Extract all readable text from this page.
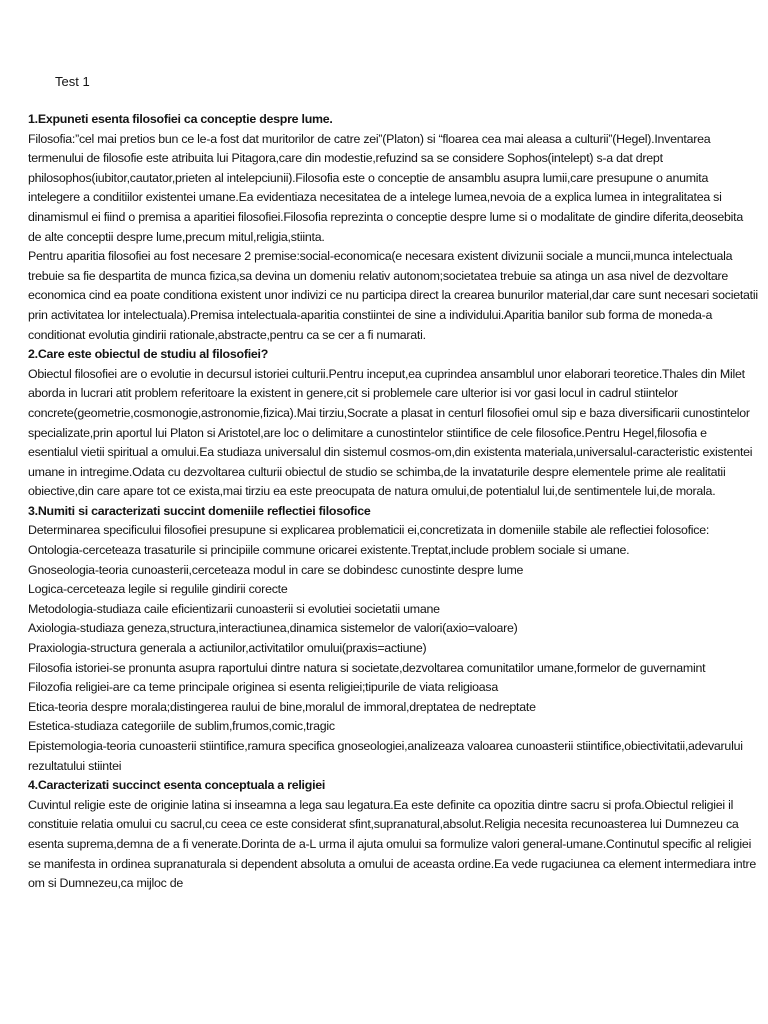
Test 1

1.Expuneti esenta filosofiei ca conceptie despre lume.

Filosofia:”cel mai pretios bun ce le-a fost dat muritorilor de catre zei”(Platon) si “floarea cea mai aleasa a culturii”(Hegel).Inventarea termenului de filosofie este atribuita lui Pitagora,care din modestie,refuzind sa se considere Sophos(intelept) s-a dat drept philosophos(iubitor,cautator,prieten al intelepciunii).Filosofia este o conceptie de ansamblu asupra lumii,care presupune o anumita intelegere a conditiilor existentei umane.Ea evidentiaza necesitatea de a intelege lumea,nevoia de a explica lumea in integralitatea si dinamismul ei fiind o premisa a aparitiei filosofiei.Filosofia reprezinta o conceptie despre lume si o modalitate de gindire diferita,deosebita de alte conceptii despre lume,precum mitul,religia,stiinta.

Pentru aparitia filosofiei au fost necesare 2 premise:social-economica(e necesara existent divizunii sociale a muncii,munca intelectuala trebuie sa fie despartita de munca fizica,sa devina un domeniu relativ autonom;societatea trebuie sa atinga un asa nivel de dezvoltare economica cind ea poate conditiona existent unor indivizi ce nu participa direct la crearea bunurilor material,dar care sunt necesari societatii prin activitatea lor intelectuala).Premisa intelectuala-aparitia constiintei de sine a individului.Aparitia banilor sub forma de moneda-a conditionat evolutia gindirii rationale,abstracte,pentru ca se cer a fi numarati.

2.Care este obiectul de studiu al filosofiei?

Obiectul filosofiei are o evolutie in decursul istoriei culturii.Pentru inceput,ea cuprindea ansamblul unor elaborari teoretice.Thales din Milet aborda in lucrari atit problem referitoare la existent in genere,cit si problemele care ulterior isi vor gasi locul in cadrul stiintelor concrete(geometrie,cosmonogie,astronomie,fizica).Mai tirziu,Socrate a plasat in centurl filosofiei omul sip e baza diversificarii cunostintelor specializate,prin aportul lui Platon si Aristotel,are loc o delimitare a cunostintelor stiintifice de cele filosofice.Pentru Hegel,filosofia e esentialul vietii spiritual a omului.Ea studiaza universalul din sistemul cosmos-om,din existenta materiala,universalul-caracteristic existentei umane in intregime.Odata cu dezvoltarea culturii obiectul de studio se schimba,de la invataturile despre elementele prime ale realitatii obiective,din care apare tot ce exista,mai tirziu ea este preocupata de natura omului,de potentialul lui,de sentimentele lui,de morala.

3.Numiti si caracterizati succint domeniile reflectiei filosofice

Determinarea specificului filosofiei presupune si explicarea problematicii ei,concretizata in domeniile stabile ale reflectiei folosofice:

Ontologia-cerceteaza trasaturile si principiile commune oricarei existente.Treptat,include problem sociale si umane.

Gnoseologia-teoria cunoasterii,cerceteaza modul in care se dobindesc cunostinte despre lume

Logica-cerceteaza legile si regulile gindirii corecte

Metodologia-studiaza caile eficientizarii cunoasterii si evolutiei societatii umane

Axiologia-studiaza geneza,structura,interactiunea,dinamica sistemelor de valori(axio=valoare)

Praxiologia-structura generala a actiunilor,activitatilor omului(praxis=actiune)

Filosofia istoriei-se pronunta asupra raportului dintre natura si societate,dezvoltarea comunitatilor umane,formelor de guvernamint

Filozofia religiei-are ca teme principale originea si esenta religiei;tipurile de viata religioasa

Etica-teoria despre morala;distingerea raului de bine,moralul de immoral,dreptatea de nedreptate

Estetica-studiaza categoriile de sublim,frumos,comic,tragic

Epistemologia-teoria cunoasterii stiintifice,ramura specifica gnoseologiei,analizeaza valoarea cunoasterii stiintifice,obiectivitatii,adevarului rezultatului stiintei

4.Caracterizati succinct esenta conceptuala a religiei

Cuvintul religie este de originie latina si inseamna a lega sau legatura.Ea este definite ca opozitia dintre sacru si profa.Obiectul religiei il constituie relatia omului cu sacrul,cu ceea ce este considerat sfint,supranatural,absolut.Religia necesita recunoasterea lui Dumnezeu ca esenta suprema,demna de a fi venerate.Dorinta de a-L urma il ajuta omului sa formulize valori general-umane.Continutul specific al religiei se manifesta in ordinea supranaturala si dependent absoluta a omului de aceasta ordine.Ea vede rugaciunea ca element intermediara intre om si Dumnezeu,ca mijloc de
